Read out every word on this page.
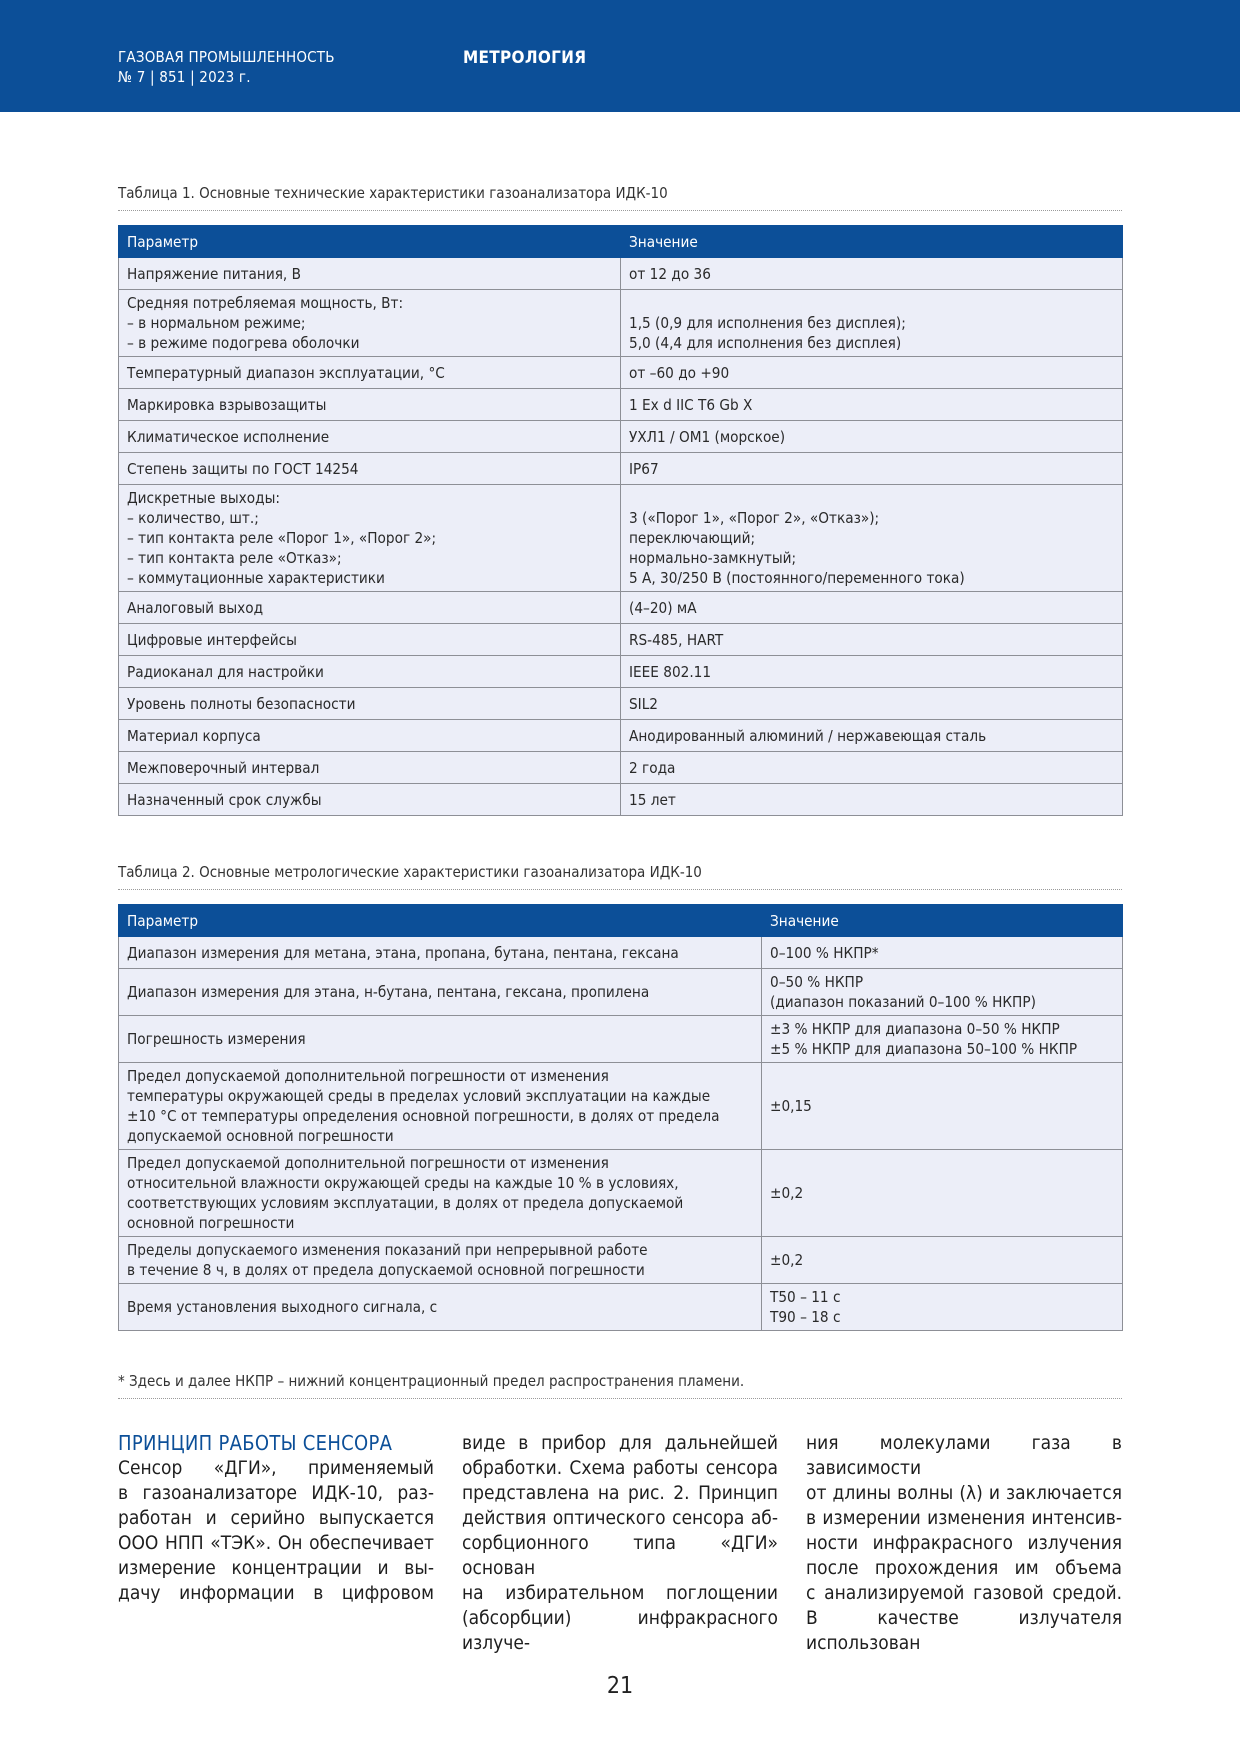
ГАЗОВАЯ ПРОМЫШЛЕННОСТЬ
№ 7 | 851 | 2023 г.
МЕТРОЛОГИЯ
Таблица 1. Основные технические характеристики газоанализатора ИДК-10
Параметр	Значение

Напряжение питания, В	от 12 до 36

Средняя потребляемая мощность, Вт:
– в нормальном режиме;
– в режиме подогрева оболочки	1,5 (0,9 для исполнения без дисплея);
5,0 (4,4 для исполнения без дисплея)

Температурный диапазон эксплуатации, °С	от –60 до +90

Маркировка взрывозащиты	1 Ex d IIC T6 Gb X

Климатическое исполнение	УХЛ1 / ОМ1 (морское)

Степень защиты по ГОСТ 14254	IP67

Дискретные выходы:
– количество, шт.;
– тип контакта реле «Порог 1», «Порог 2»;
– тип контакта реле «Отказ»;
– коммутационные характеристики	3 («Порог 1», «Порог 2», «Отказ»);
переключающий;
нормально-замкнутый;
5 А, 30/250 В (постоянного/переменного тока)

Аналоговый выход	(4–20) мА

Цифровые интерфейсы	RS-485, HART

Радиоканал для настройки	IEEE 802.11

Уровень полноты безопасности	SIL2

Материал корпуса	Анодированный алюминий / нержавеющая сталь

Межповерочный интервал	2 года

Назначенный срок службы	15 лет
Таблица 2. Основные метрологические характеристики газоанализатора ИДК-10
Параметр	Значение

Диапазон измерения для метана, этана, пропана, бутана, пентана, гексана	0–100 % НКПР*

Диапазон измерения для этана, н-бутана, пентана, гексана, пропилена	0–50 % НКПР
(диапазон показаний 0–100 % НКПР)

Погрешность измерения	±3 % НКПР для диапазона 0–50 % НКПР
±5 % НКПР для диапазона 50–100 % НКПР

Предел допускаемой дополнительной погрешности от изменения
температуры окружающей среды в пределах условий эксплуатации на каждые
±10 °С от температуры определения основной погрешности, в долях от предела
допускаемой основной погрешности	±0,15

Предел допускаемой дополнительной погрешности от изменения
относительной влажности окружающей среды на каждые 10 % в условиях,
соответствующих условиям эксплуатации, в долях от предела допускаемой
основной погрешности	±0,2

Пределы допускаемого изменения показаний при непрерывной работе
в течение 8 ч, в долях от предела допускаемой основной погрешности	±0,2

Время установления выходного сигнала, с	Т50 – 11 с
Т90 – 18 с
* Здесь и далее НКПР – нижний концентрационный предел распространения пламени.
ПРИНЦИП РАБОТЫ СЕНСОРА
Сенсор «ДГИ», применяемый
в газоанализаторе ИДК-10, раз-
работан и серийно выпускается
ООО НПП «ТЭК». Он обеспечивает
измерение концентрации и вы-
дачу информации в цифровом
виде в прибор для дальнейшей
обработки. Схема работы сенсора
представлена на рис. 2. Принцип
действия оптического сенсора аб-
сорбционного типа «ДГИ» основан
на избирательном поглощении
(абсорбции) инфракрасного излуче-
ния молекулами газа в зависимости
от длины волны (λ) и заключается
в измерении изменения интенсив-
ности инфракрасного излучения
после прохождения им объема
с анализируемой газовой средой.
В качестве излучателя использован
21
